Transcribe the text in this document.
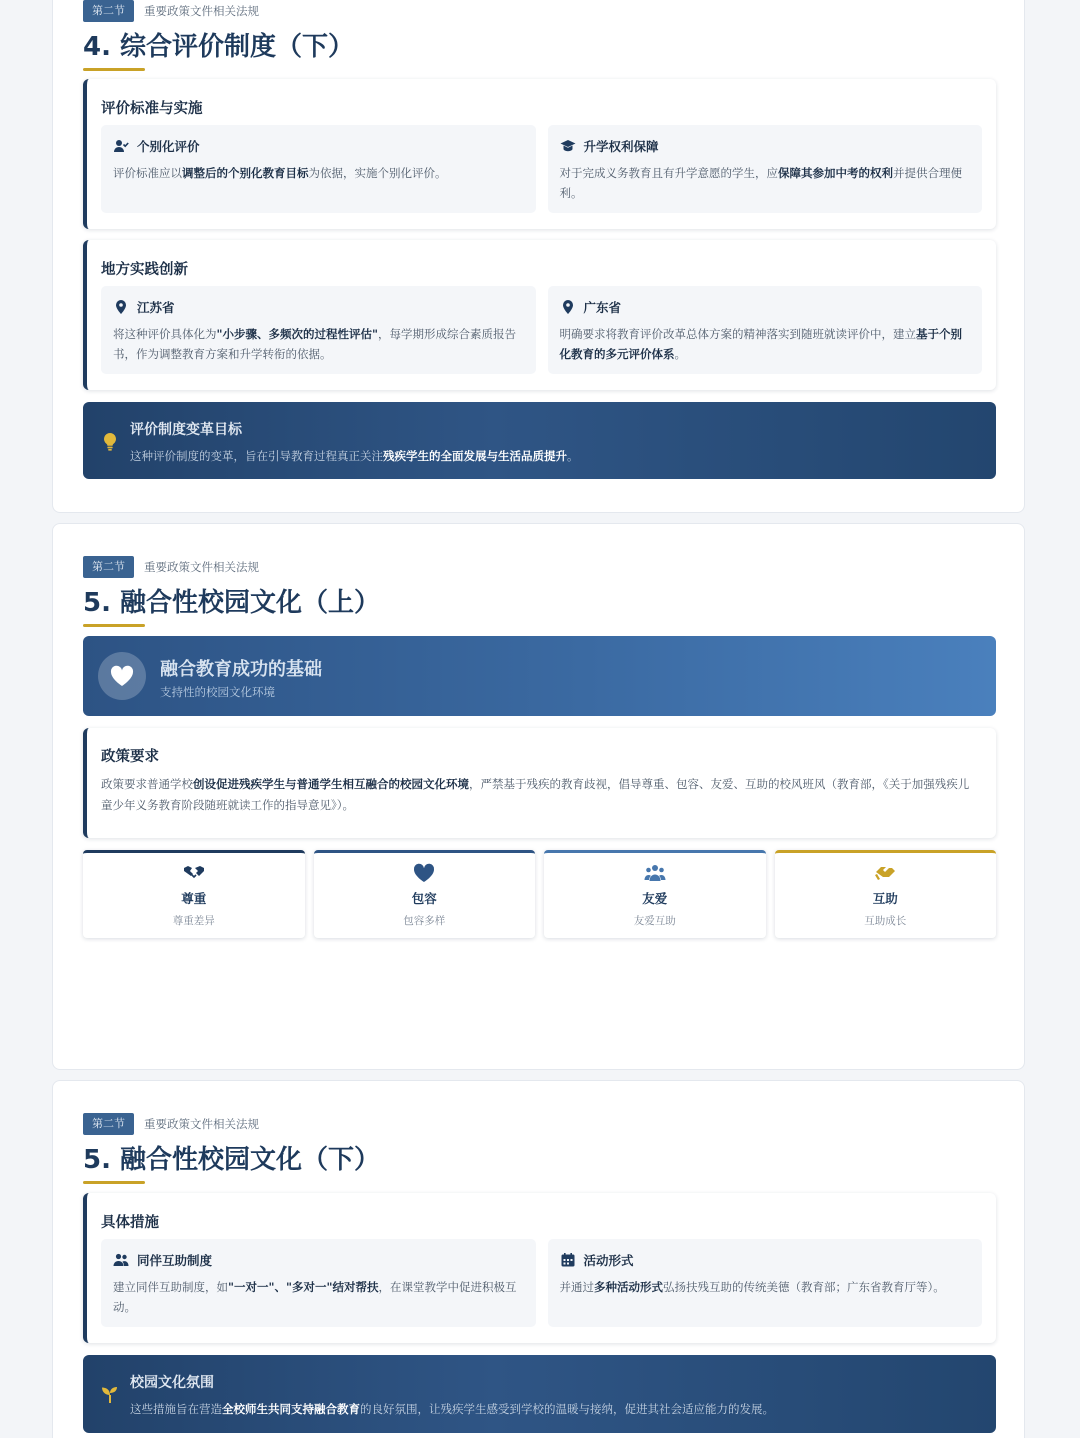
第二节	重要政策文件相关法规
4. 综合评价制度（下）
评价标准与实施
个别化评价
评价标准应以调整后的个别化教育目标为依据，实施个别化评价。
升学权利保障
对于完成义务教育且有升学意愿的学生，应保障其参加中考的权利并提供合理便利。
地方实践创新
江苏省
将这种评价具体化为"小步骤、多频次的过程性评估"，每学期形成综合素质报告书，作为调整教育方案和升学转衔的依据。
广东省
明确要求将教育评价改革总体方案的精神落实到随班就读评价中，建立基于个别化教育的多元评价体系。
评价制度变革目标
这种评价制度的变革，旨在引导教育过程真正关注残疾学生的全面发展与生活品质提升。
第二节	重要政策文件相关法规
5. 融合性校园文化（上）
融合教育成功的基础
支持性的校园文化环境
政策要求
政策要求普通学校创设促进残疾学生与普通学生相互融合的校园文化环境，严禁基于残疾的教育歧视，倡导尊重、包容、友爱、互助的校风班风（教育部，《关于加强残疾儿童少年义务教育阶段随班就读工作的指导意见》）。
尊重
尊重差异
包容
包容多样
友爱
友爱互助
互助
互助成长
第二节	重要政策文件相关法规
5. 融合性校园文化（下）
具体措施
同伴互助制度
建立同伴互助制度，如"一对一"、"多对一"结对帮扶，在课堂教学中促进积极互动。
活动形式
并通过多种活动形式弘扬扶残互助的传统美德（教育部；广东省教育厅等）。
校园文化氛围
这些措施旨在营造全校师生共同支持融合教育的良好氛围，让残疾学生感受到学校的温暖与接纳，促进其社会适应能力的发展。
